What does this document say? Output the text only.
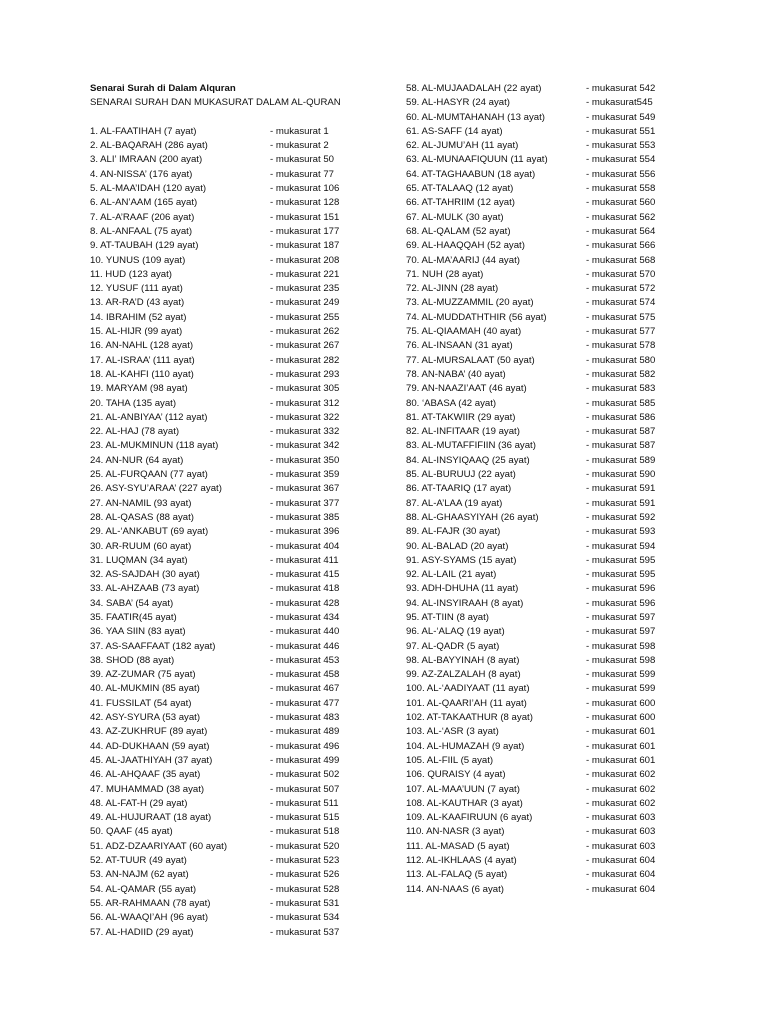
Senarai Surah di Dalam Alquran
SENARAI SURAH DAN MUKASURAT DALAM AL-QURAN
1. AL-FAATIHAH (7 ayat)	- mukasurat 1
2. AL-BAQARAH (286 ayat)	- mukasurat 2
3. ALI’ IMRAAN (200 ayat)	- mukasurat 50
4. AN-NISSA’ (176 ayat)	- mukasurat 77
5. AL-MAA’IDAH (120 ayat)	- mukasurat 106
6. AL-AN’AAM (165 ayat)	- mukasurat 128
7. AL-A’RAAF (206 ayat)	- mukasurat 151
8. AL-ANFAAL (75 ayat)	- mukasurat 177
9. AT-TAUBAH (129 ayat)	- mukasurat 187
10. YUNUS (109 ayat)	- mukasurat 208
11. HUD (123 ayat)	- mukasurat 221
12. YUSUF (111 ayat)	- mukasurat 235
13. AR-RA’D (43 ayat)	- mukasurat 249
14. IBRAHIM (52 ayat)	- mukasurat 255
15. AL-HIJR (99 ayat)	- mukasurat 262
16. AN-NAHL (128 ayat)	- mukasurat 267
17. AL-ISRAA’ (111 ayat)	- mukasurat 282
18. AL-KAHFI (110 ayat)	- mukasurat 293
19. MARYAM (98 ayat)	- mukasurat 305
20. TAHA (135 ayat)	- mukasurat 312
21. AL-ANBIYAA’ (112 ayat)	- mukasurat 322
22. AL-HAJ (78 ayat)	- mukasurat 332
23. AL-MUKMINUN (118 ayat)	- mukasurat 342
24. AN-NUR (64 ayat)	- mukasurat 350
25. AL-FURQAAN (77 ayat)	- mukasurat 359
26. ASY-SYU’ARAA’ (227 ayat)	- mukasurat 367
27. AN-NAMIL (93 ayat)	- mukasurat 377
28. AL-QASAS (88 ayat)	- mukasurat 385
29. AL-‘ANKABUT (69 ayat)	- mukasurat 396
30. AR-RUUM (60 ayat)	- mukasurat 404
31. LUQMAN (34 ayat)	- mukasurat 411
32. AS-SAJDAH (30 ayat)	- mukasurat 415
33. AL-AHZAAB (73 ayat)	- mukasurat 418
34. SABA’ (54 ayat)	- mukasurat 428
35. FAATIR(45 ayat)	- mukasurat 434
36. YAA SIIN (83 ayat)	- mukasurat 440
37. AS-SAAFFAAT (182 ayat)	- mukasurat 446
38. SHOD (88 ayat)	- mukasurat 453
39. AZ-ZUMAR (75 ayat)	- mukasurat 458
40. AL-MUKMIN (85 ayat)	- mukasurat 467
41. FUSSILAT (54 ayat)	- mukasurat 477
42. ASY-SYURA (53 ayat)	- mukasurat 483
43. AZ-ZUKHRUF (89 ayat)	- mukasurat 489
44. AD-DUKHAAN (59 ayat)	- mukasurat 496
45. AL-JAATHIYAH (37 ayat)	- mukasurat 499
46. AL-AHQAAF (35 ayat)	- mukasurat 502
47. MUHAMMAD (38 ayat)	- mukasurat 507
48. AL-FAT-H (29 ayat)	- mukasurat 511
49. AL-HUJURAAT (18 ayat)	- mukasurat 515
50. QAAF (45 ayat)	- mukasurat 518
51. ADZ-DZAARIYAAT (60 ayat)	- mukasurat 520
52. AT-TUUR (49 ayat)	- mukasurat 523
53. AN-NAJM (62 ayat)	- mukasurat 526
54. AL-QAMAR (55 ayat)	- mukasurat 528
55. AR-RAHMAAN (78 ayat)	- mukasurat 531
56. AL-WAAQI’AH (96 ayat)	- mukasurat 534
57. AL-HADIID (29 ayat)	- mukasurat 537
58. AL-MUJAADALAH (22 ayat)	- mukasurat 542
59. AL-HASYR (24 ayat)	- mukasurat545
60. AL-MUMTAHANAH (13 ayat)	- mukasurat 549
61. AS-SAFF (14 ayat)	- mukasurat 551
62. AL-JUMU’AH (11 ayat)	- mukasurat 553
63. AL-MUNAAFIQUUN (11 ayat)	- mukasurat 554
64. AT-TAGHAABUN (18 ayat)	- mukasurat 556
65. AT-TALAAQ (12 ayat)	- mukasurat 558
66. AT-TAHRIIM (12 ayat)	- mukasurat 560
67. AL-MULK (30 ayat)	- mukasurat 562
68. AL-QALAM (52 ayat)	- mukasurat 564
69. AL-HAAQQAH (52 ayat)	- mukasurat 566
70. AL-MA’AARIJ (44 ayat)	- mukasurat 568
71. NUH (28 ayat)	- mukasurat 570
72. AL-JINN (28 ayat)	- mukasurat 572
73. AL-MUZZAMMIL (20 ayat)	- mukasurat 574
74. AL-MUDDATHTHIR (56 ayat)	- mukasurat 575
75. AL-QIAAMAH (40 ayat)	- mukasurat 577
76. AL-INSAAN (31 ayat)	- mukasurat 578
77. AL-MURSALAAT (50 ayat)	- mukasurat 580
78. AN-NABA’ (40 ayat)	- mukasurat 582
79. AN-NAAZI’AAT (46 ayat)	- mukasurat 583
80. ‘ABASA (42 ayat)	- mukasurat 585
81. AT-TAKWIIR (29 ayat)	- mukasurat 586
82. AL-INFITAAR (19 ayat)	- mukasurat 587
83. AL-MUTAFFIFIIN (36 ayat)	- mukasurat 587
84. AL-INSYIQAAQ (25 ayat)	- mukasurat 589
85. AL-BURUUJ (22 ayat)	- mukasurat 590
86. AT-TAARIQ (17 ayat)	- mukasurat 591
87. AL-A’LAA (19 ayat)	- mukasurat 591
88. AL-GHAASYIYAH (26 ayat)	- mukasurat 592
89. AL-FAJR (30 ayat)	- mukasurat 593
90. AL-BALAD (20 ayat)	- mukasurat 594
91. ASY-SYAMS (15 ayat)	- mukasurat 595
92. AL-LAIL (21 ayat)	- mukasurat 595
93. ADH-DHUHA (11 ayat)	- mukasurat 596
94. AL-INSYIRAAH (8 ayat)	- mukasurat 596
95. AT-TIIN (8 ayat)	- mukasurat 597
96. AL-‘ALAQ (19 ayat)	- mukasurat 597
97. AL-QADR (5 ayat)	- mukasurat 598
98. AL-BAYYINAH (8 ayat)	- mukasurat 598
99. AZ-ZALZALAH (8 ayat)	- mukasurat 599
100. AL-‘AADIYAAT (11 ayat)	- mukasurat 599
101. AL-QAARI’AH (11 ayat)	- mukasurat 600
102. AT-TAKAATHUR (8 ayat)	- mukasurat 600
103. AL-‘ASR (3 ayat)	- mukasurat 601
104. AL-HUMAZAH (9 ayat)	- mukasurat 601
105. AL-FIIL (5 ayat)	- mukasurat 601
106. QURAISY (4 ayat)	- mukasurat 602
107. AL-MAA’UUN (7 ayat)	- mukasurat 602
108. AL-KAUTHAR (3 ayat)	- mukasurat 602
109. AL-KAAFIRUUN (6 ayat)	- mukasurat 603
110. AN-NASR (3 ayat)	- mukasurat 603
111. AL-MASAD (5 ayat)	- mukasurat 603
112. AL-IKHLAAS (4 ayat)	- mukasurat 604
113. AL-FALAQ (5 ayat)	- mukasurat 604
114. AN-NAAS (6 ayat)	- mukasurat 604
